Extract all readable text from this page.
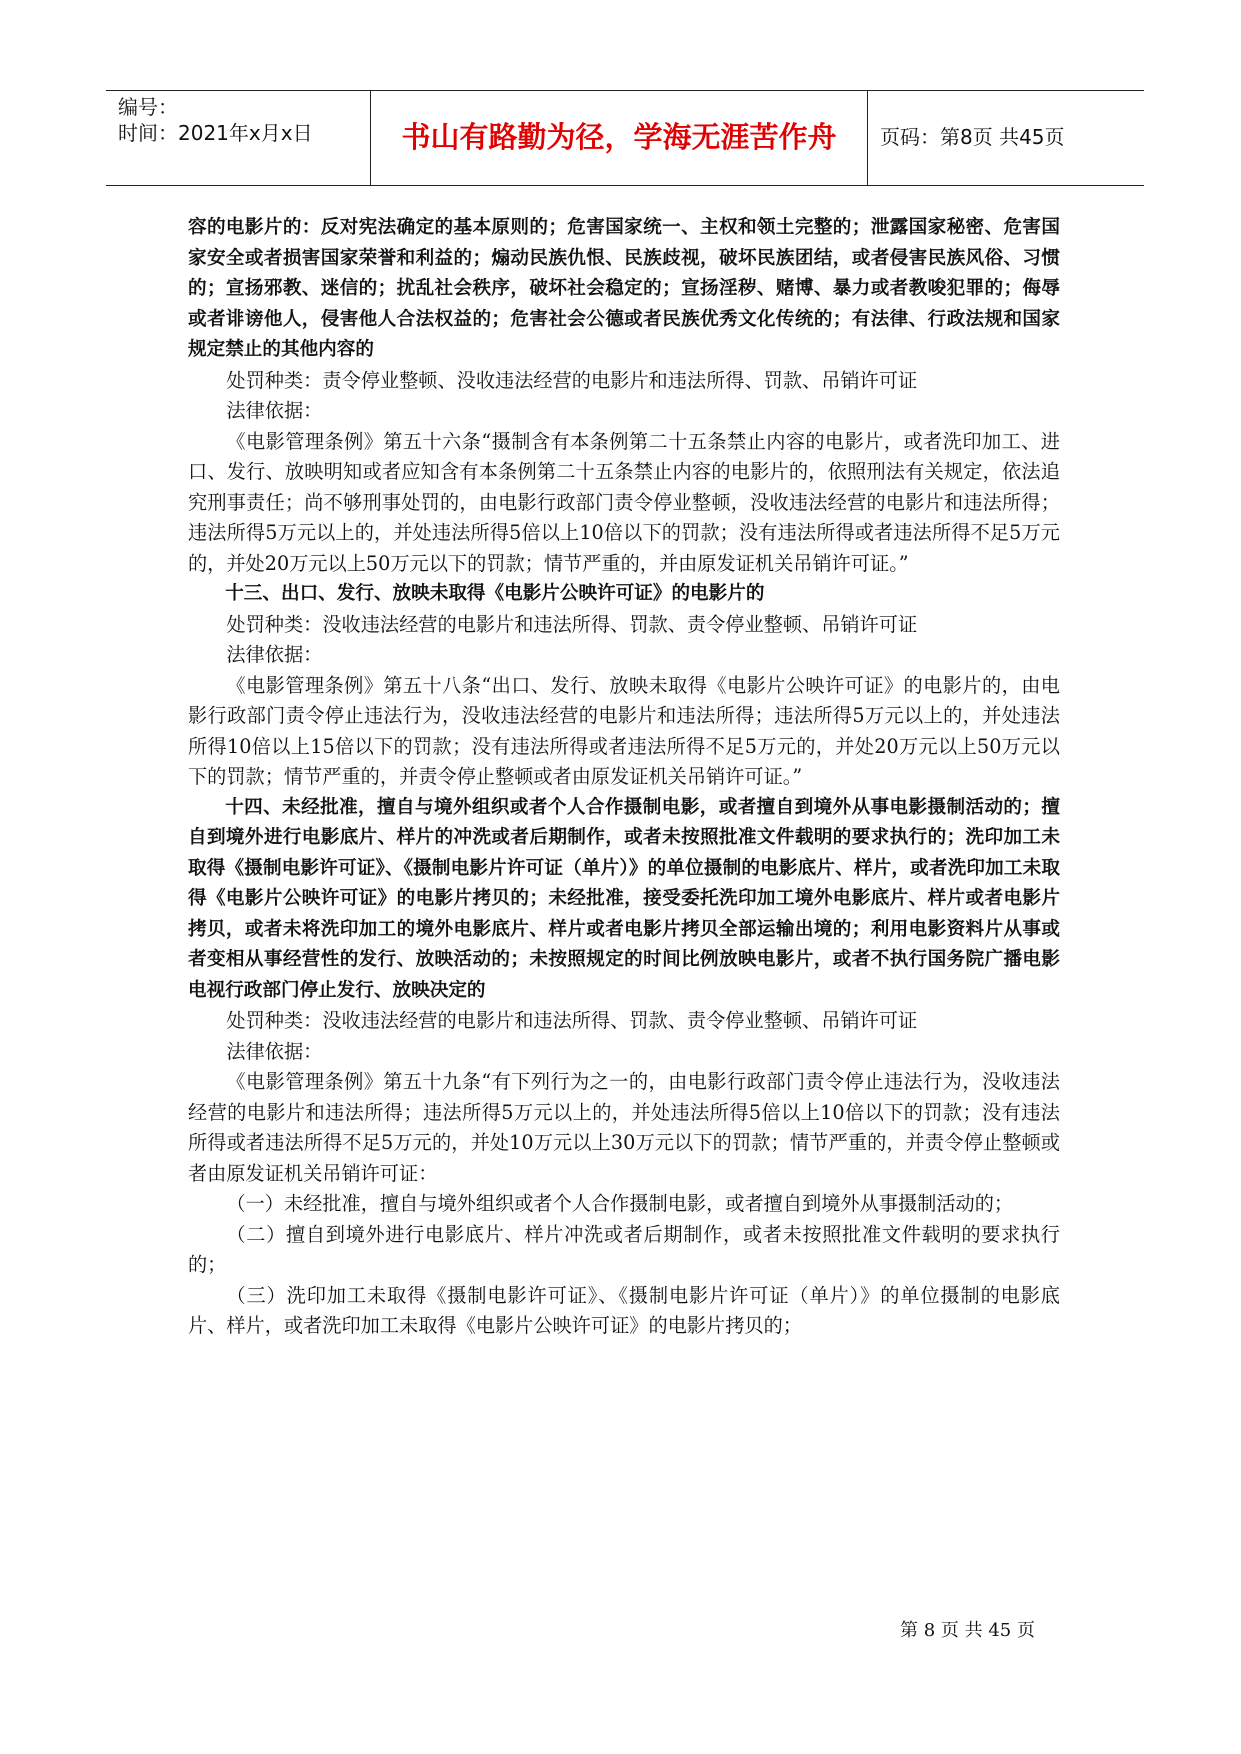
编号：
时间：2021年x月x日	书山有路勤为径，学海无涯苦作舟	页码：第8页 共45页

容的电影片的：反对宪法确定的基本原则的；危害国家统一、主权和领土完整的；泄露国家秘密、危害国家安全或者损害国家荣誉和利益的；煽动民族仇恨、民族歧视，破坏民族团结，或者侵害民族风俗、习惯的；宣扬邪教、迷信的；扰乱社会秩序，破坏社会稳定的；宣扬淫秽、赌博、暴力或者教唆犯罪的；侮辱或者诽谤他人，侵害他人合法权益的；危害社会公德或者民族优秀文化传统的；有法律、行政法规和国家规定禁止的其他内容的

处罚种类：责令停业整顿、没收违法经营的电影片和违法所得、罚款、吊销许可证

法律依据：

《电影管理条例》第五十六条“摄制含有本条例第二十五条禁止内容的电影片，或者洗印加工、进口、发行、放映明知或者应知含有本条例第二十五条禁止内容的电影片的，依照刑法有关规定，依法追究刑事责任；尚不够刑事处罚的，由电影行政部门责令停业整顿，没收违法经营的电影片和违法所得；违法所得5万元以上的，并处违法所得5倍以上10倍以下的罚款；没有违法所得或者违法所得不足5万元的，并处20万元以上50万元以下的罚款；情节严重的，并由原发证机关吊销许可证。”

十三、出口、发行、放映未取得《电影片公映许可证》的电影片的

处罚种类：没收违法经营的电影片和违法所得、罚款、责令停业整顿、吊销许可证

法律依据：

《电影管理条例》第五十八条“出口、发行、放映未取得《电影片公映许可证》的电影片的，由电影行政部门责令停止违法行为，没收违法经营的电影片和违法所得；违法所得5万元以上的，并处违法所得10倍以上15倍以下的罚款；没有违法所得或者违法所得不足5万元的，并处20万元以上50万元以下的罚款；情节严重的，并责令停止整顿或者由原发证机关吊销许可证。”

十四、未经批准，擅自与境外组织或者个人合作摄制电影，或者擅自到境外从事电影摄制活动的；擅自到境外进行电影底片、样片的冲洗或者后期制作，或者未按照批准文件载明的要求执行的；洗印加工未取得《摄制电影许可证》、《摄制电影片许可证（单片）》的单位摄制的电影底片、样片，或者洗印加工未取得《电影片公映许可证》的电影片拷贝的；未经批准，接受委托洗印加工境外电影底片、样片或者电影片拷贝，或者未将洗印加工的境外电影底片、样片或者电影片拷贝全部运输出境的；利用电影资料片从事或者变相从事经营性的发行、放映活动的；未按照规定的时间比例放映电影片，或者不执行国务院广播电影电视行政部门停止发行、放映决定的

处罚种类：没收违法经营的电影片和违法所得、罚款、责令停业整顿、吊销许可证

法律依据：

《电影管理条例》第五十九条“有下列行为之一的，由电影行政部门责令停止违法行为，没收违法经营的电影片和违法所得；违法所得5万元以上的，并处违法所得5倍以上10倍以下的罚款；没有违法所得或者违法所得不足5万元的，并处10万元以上30万元以下的罚款；情节严重的，并责令停止整顿或者由原发证机关吊销许可证：

（一）未经批准，擅自与境外组织或者个人合作摄制电影，或者擅自到境外从事摄制活动的；

（二）擅自到境外进行电影底片、样片冲洗或者后期制作，或者未按照批准文件载明的要求执行的；

（三）洗印加工未取得《摄制电影许可证》、《摄制电影片许可证（单片）》的单位摄制的电影底片、样片，或者洗印加工未取得《电影片公映许可证》的电影片拷贝的；

第 8 页 共 45 页
